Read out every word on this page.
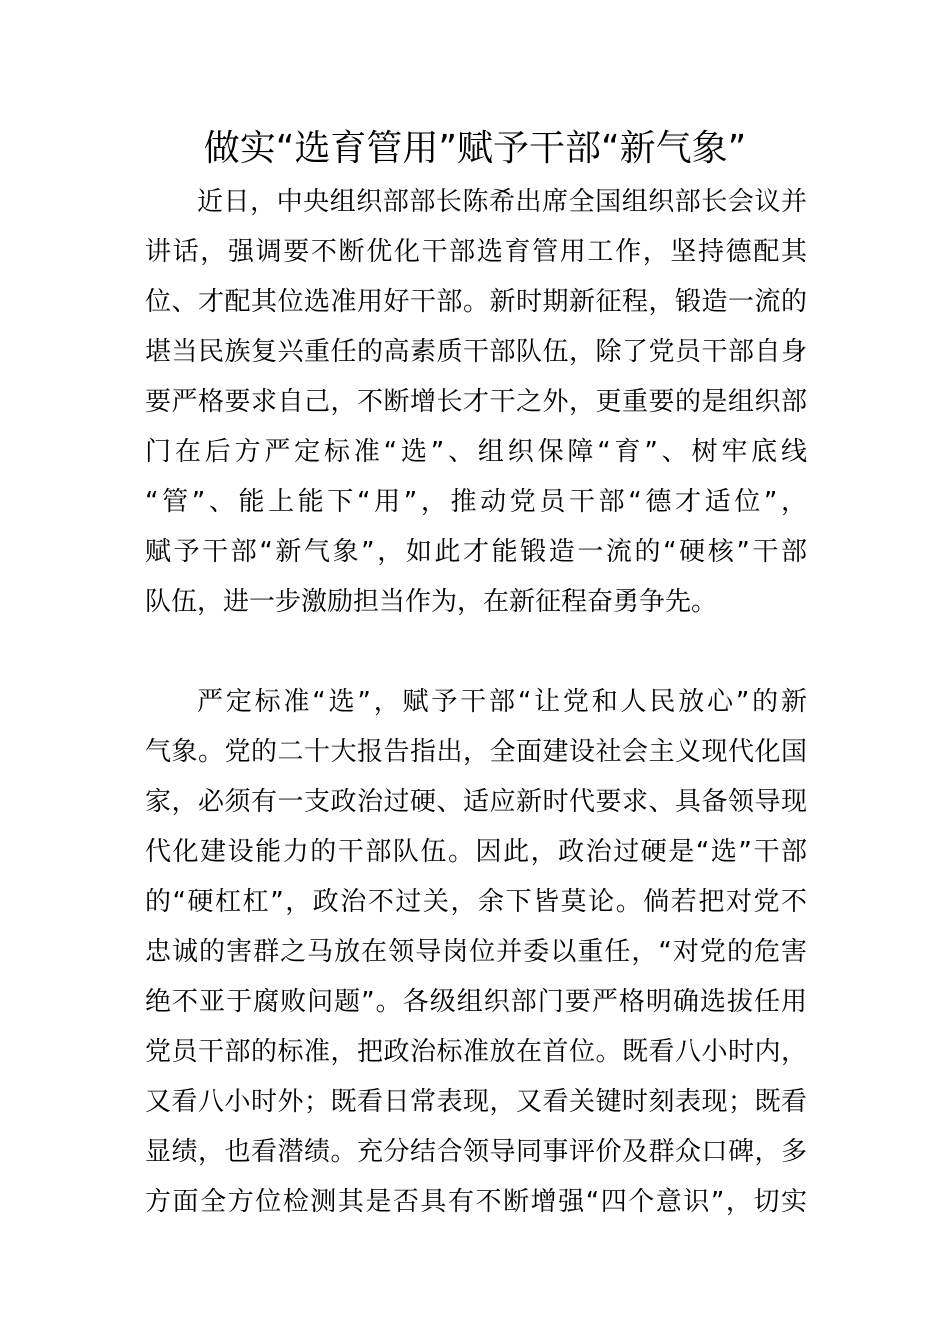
做实“选育管用”赋予干部“新气象”

近日，中央组织部部长陈希出席全国组织部长会议并
讲话，强调要不断优化干部选育管用工作，坚持德配其
位、才配其位选准用好干部。新时期新征程，锻造一流的
堪当民族复兴重任的高素质干部队伍，除了党员干部自身
要严格要求自己，不断增长才干之外，更重要的是组织部
门在后方严定标准“选”、组织保障“育”、树牢底线
“管”、能上能下“用”，推动党员干部“德才适位”，
赋予干部“新气象”，如此才能锻造一流的“硬核”干部
队伍，进一步激励担当作为，在新征程奋勇争先。

严定标准“选”，赋予干部“让党和人民放心”的新
气象。党的二十大报告指出，全面建设社会主义现代化国
家，必须有一支政治过硬、适应新时代要求、具备领导现
代化建设能力的干部队伍。因此，政治过硬是“选”干部
的“硬杠杠”，政治不过关，余下皆莫论。倘若把对党不
忠诚的害群之马放在领导岗位并委以重任，“对党的危害
绝不亚于腐败问题”。各级组织部门要严格明确选拔任用
党员干部的标准，把政治标准放在首位。既看八小时内，
又看八小时外；既看日常表现，又看关键时刻表现；既看
显绩，也看潜绩。充分结合领导同事评价及群众口碑，多
方面全方位检测其是否具有不断增强“四个意识”，切实
